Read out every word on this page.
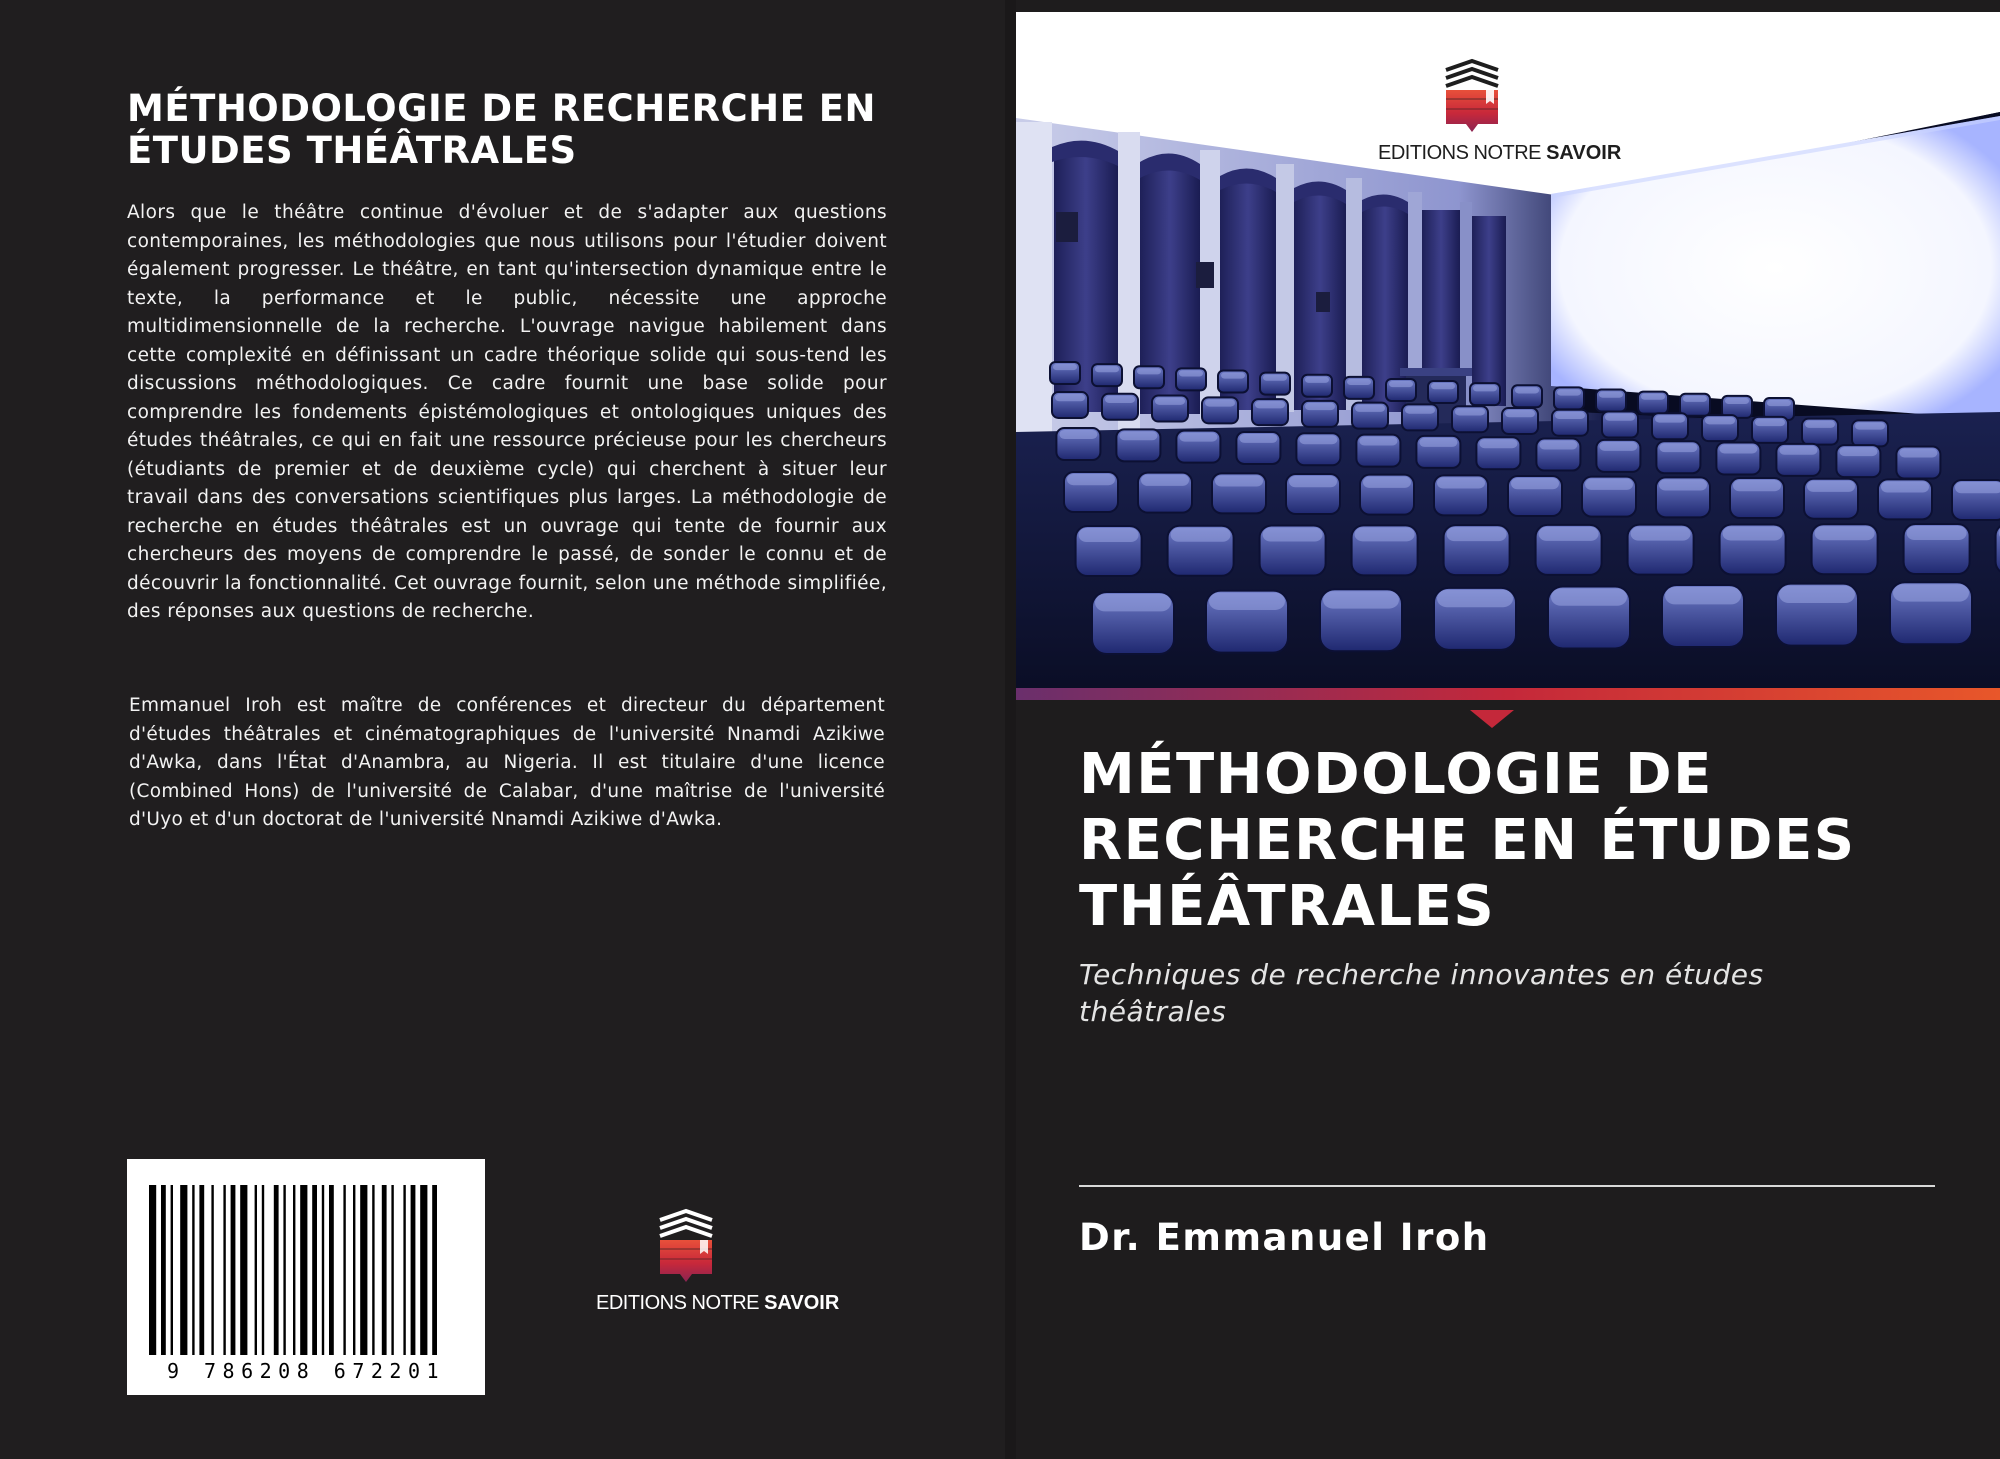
MÉTHODOLOGIE DE RECHERCHE EN ÉTUDES THÉÂTRALES

Alors que le théâtre continue d'évoluer et de s'adapter aux questions contemporaines, les méthodologies que nous utilisons pour l'étudier doivent également progresser. Le théâtre, en tant qu'intersection dynamique entre le texte, la performance et le public, nécessite une approche multidimensionnelle de la recherche. L'ouvrage navigue habilement dans cette complexité en définissant un cadre théorique solide qui sous-tend les discussions méthodologiques. Ce cadre fournit une base solide pour comprendre les fondements épistémologiques et ontologiques uniques des études théâtrales, ce qui en fait une ressource précieuse pour les chercheurs (étudiants de premier et de deuxième cycle) qui cherchent à situer leur travail dans des conversations scientifiques plus larges. La méthodologie de recherche en études théâtrales est un ouvrage qui tente de fournir aux chercheurs des moyens de comprendre le passé, de sonder le connu et de découvrir la fonctionnalité. Cet ouvrage fournit, selon une méthode simplifiée, des réponses aux questions de recherche.

Emmanuel Iroh est maître de conférences et directeur du département d'études théâtrales et cinématographiques de l'université Nnamdi Azikiwe d'Awka, dans l'État d'Anambra, au Nigeria. Il est titulaire d'une licence (Combined Hons) de l'université de Calabar, d'une maîtrise de l'université d'Uyo et d'un doctorat de l'université Nnamdi Azikiwe d'Awka.

9 786208 672201
EDITIONS NOTRE SAVOIR
EDITIONS NOTRE SAVOIR
MÉTHODOLOGIE DE RECHERCHE EN ÉTUDES THÉÂTRALES
Techniques de recherche innovantes en études théâtrales
Dr. Emmanuel Iroh
